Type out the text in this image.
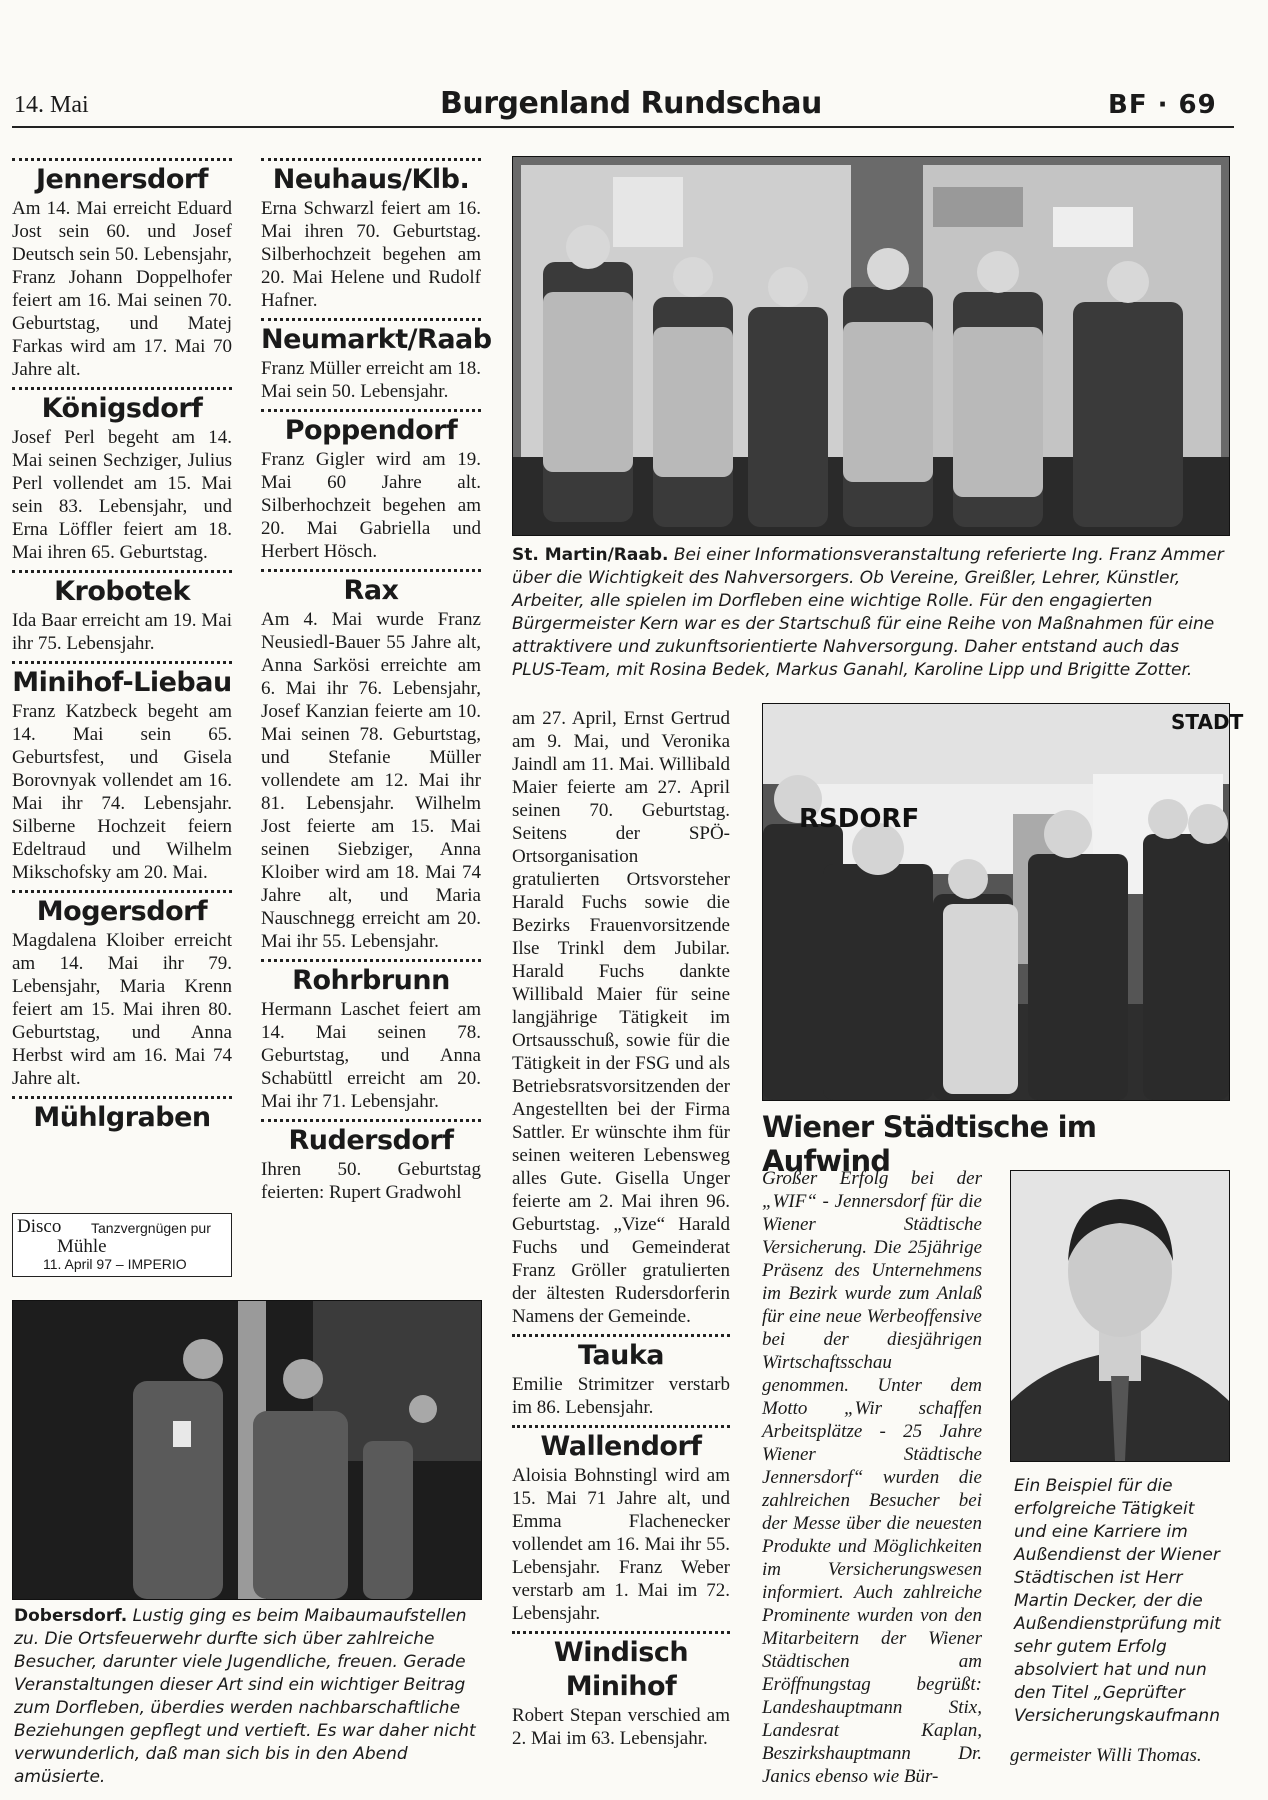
14. Mai	Burgenland Rundschau	BF · 69
Jennersdorf

Am 14. Mai erreicht Eduard Jost sein 60. und Josef Deutsch sein 50. Lebensjahr, Franz Johann Doppelhofer feiert am 16. Mai seinen 70. Geburtstag, und Matej Farkas wird am 17. Mai 70 Jahre alt.

Königsdorf

Josef Perl begeht am 14. Mai seinen Sechziger, Julius Perl vollendet am 15. Mai sein 83. Lebensjahr, und Erna Löffler feiert am 18. Mai ihren 65. Geburtstag.

Krobotek

Ida Baar erreicht am 19. Mai ihr 75. Lebensjahr.

Minihof-Liebau

Franz Katzbeck begeht am 14. Mai sein 65. Geburtsfest, und Gisela Borovnyak vollendet am 16. Mai ihr 74. Lebensjahr. Silberne Hochzeit feiern Edeltraud und Wilhelm Mikschofsky am 20. Mai.

Mogersdorf

Magdalena Kloiber erreicht am 14. Mai ihr 79. Lebensjahr, Maria Krenn feiert am 15. Mai ihren 80. Geburtstag, und Anna Herbst wird am 16. Mai 74 Jahre alt.

Mühlgraben
Disco Tanzvergnügen pur
Mühle
11. April 97 – IMPERIO
Neuhaus/Klb.

Erna Schwarzl feiert am 16. Mai ihren 70. Geburtstag. Silberhochzeit begehen am 20. Mai Helene und Rudolf Hafner.

Neumarkt/Raab

Franz Müller erreicht am 18. Mai sein 50. Lebensjahr.

Poppendorf

Franz Gigler wird am 19. Mai 60 Jahre alt. Silberhochzeit begehen am 20. Mai Gabriella und Herbert Hösch.

Rax

Am 4. Mai wurde Franz Neusiedl-Bauer 55 Jahre alt, Anna Sarkösi erreichte am 6. Mai ihr 76. Lebensjahr, Josef Kanzian feierte am 10. Mai seinen 78. Geburtstag, und Stefanie Müller vollendete am 12. Mai ihr 81. Lebensjahr. Wilhelm Jost feierte am 15. Mai seinen Siebziger, Anna Kloiber wird am 18. Mai 74 Jahre alt, und Maria Nauschnegg erreicht am 20. Mai ihr 55. Lebensjahr.

Rohrbrunn

Hermann Laschet feiert am 14. Mai seinen 78. Geburtstag, und Anna Schabüttl erreicht am 20. Mai ihr 71. Lebensjahr.

Rudersdorf

Ihren 50. Geburtstag feierten: Rupert Gradwohl

St. Martin/Raab. Bei einer Informationsveranstaltung referierte Ing. Franz Ammer über die Wichtigkeit des Nahversorgers. Ob Vereine, Greißler, Lehrer, Künstler, Arbeiter, alle spielen im Dorfleben eine wichtige Rolle. Für den engagierten Bürgermeister Kern war es der Startschuß für eine Reihe von Maßnahmen für eine attraktivere und zukunftsorientierte Nahversorgung. Daher entstand auch das PLUS-Team, mit Rosina Bedek, Markus Ganahl, Karoline Lipp und Brigitte Zotter.

am 27. April, Ernst Gertrud am 9. Mai, und Veronika Jaindl am 11. Mai. Willibald Maier feierte am 27. April seinen 70. Geburtstag. Seitens der SPÖ-Ortsorganisation gratulierten Ortsvorsteher Harald Fuchs sowie die Bezirks Frauenvorsitzende Ilse Trinkl dem Jubilar. Harald Fuchs dankte Willibald Maier für seine langjährige Tätigkeit im Ortsausschuß, sowie für die Tätigkeit in der FSG und als Betriebsratsvorsitzenden der Angestellten bei der Firma Sattler. Er wünschte ihm für seinen weiteren Lebensweg alles Gute. Gisella Unger feierte am 2. Mai ihren 96. Geburtstag. „Vize“ Harald Fuchs und Gemeinderat Franz Gröller gratulierten der ältesten Rudersdorferin Namens der Gemeinde.

Tauka

Emilie Strimitzer verstarb im 86. Lebensjahr.

Wallendorf

Aloisia Bohnstingl wird am 15. Mai 71 Jahre alt, und Emma Flachenecker vollendet am 16. Mai ihr 55. Lebensjahr. Franz Weber verstarb am 1. Mai im 72. Lebensjahr.

Windisch Minihof

Robert Stepan verschied am 2. Mai im 63. Lebensjahr.

RSDORF
STADT
Wiener Städtische im Aufwind
Großer Erfolg bei der „WIF“ - Jennersdorf für die Wiener Städtische Versicherung. Die 25jährige Präsenz des Unternehmens im Bezirk wurde zum Anlaß für eine neue Werbeoffensive bei der diesjährigen Wirtschaftsschau genommen. Unter dem Motto „Wir schaffen Arbeitsplätze - 25 Jahre Wiener Städtische Jennersdorf“ wurden die zahlreichen Besucher bei der Messe über die neuesten Produkte und Möglichkeiten im Versicherungswesen informiert. Auch zahlreiche Prominente wurden von den Mitarbeitern der Wiener Städtischen am Eröffnungstag begrüßt: Landeshauptmann Stix, Landesrat Kaplan, Beszirkshauptmann Dr. Janics ebenso wie Bür-
germeister Willi Thomas.
Ein Beispiel für die erfolgreiche Tätigkeit und eine Karriere im Außendienst der Wiener Städtischen ist Herr Martin Decker, der die Außendienstprüfung mit sehr gutem Erfolg absolviert hat und nun den Titel „Geprüfter Versicherungskaufmann
Dobersdorf. Lustig ging es beim Maibaumaufstellen zu. Die Ortsfeuerwehr durfte sich über zahlreiche Besucher, darunter viele Jugendliche, freuen. Gerade Veranstaltungen dieser Art sind ein wichtiger Beitrag zum Dorfleben, überdies werden nachbarschaftliche Beziehungen gepflegt und vertieft. Es war daher nicht verwunderlich, daß man sich bis in den Abend amüsierte.
